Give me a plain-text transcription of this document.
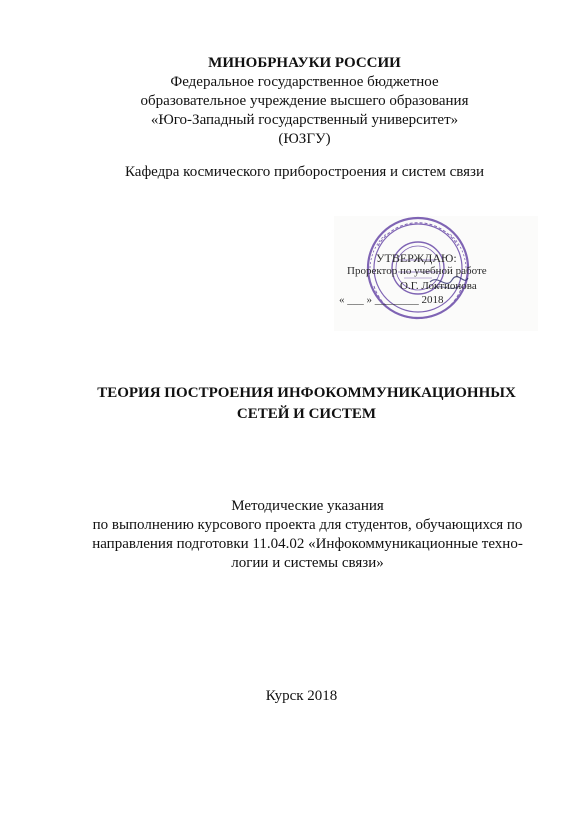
МИНОБРНАУКИ РОССИИ
Федеральное государственное бюджетное
образовательное учреждение высшего образования
«Юго-Западный государственный университет»
(ЮЗГУ)
Кафедра космического приборостроения и систем связи
УТВЕРЖДАЮ:
Проректор по учебной работе
О.Г. Локтионова
« ___ » ________ 2018
ТЕОРИЯ ПОСТРОЕНИЯ ИНФОКОММУНИКАЦИОННЫХ
СЕТЕЙ И СИСТЕМ
Методические указания
по выполнению курсового проекта для студентов, обучающихся по
направления подготовки 11.04.02 «Инфокоммуникационные техно-
логии и системы связи»
Курск 2018
